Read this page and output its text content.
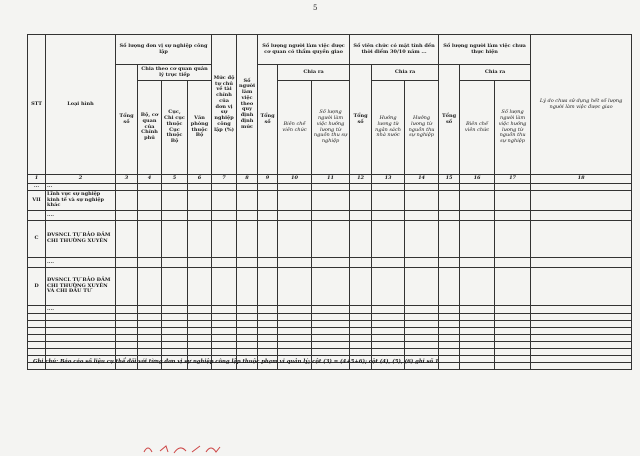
5
STT	Loại hình	Số lượng đơn vị sự nghiệp công lập				Mức độ tự chủ về tài chính của đơn vị sự nghiệp công lập (%)	Số người làm việc theo quy định định mức	Số lượng người làm việc được cơ quan có thẩm quyền giao			Số viên chức có mặt tính đến thời điểm 30/10 năm ...			Số lượng người làm việc chưa thực hiện			Lý do chưa sử dụng hết số lượng người làm việc được giao
		Tổng số	Chia theo cơ quan quản lý trực tiếp					Tổng số	Chia ra		Tổng số	Chia ra		Tổng số	Chia ra		
			Bộ, cơ quan của Chính phủ	Cục, Chi cục thuộc Cục thuộc Bộ	Văn phòng thuộc Bộ				Biên chế viên chức	Số lượng người làm việc hưởng lương từ nguồn thu sự nghiệp		Hưởng lương từ ngân sách nhà nước	Hưởng lương từ nguồn thu sự nghiệp		Biên chế viên chức	Số lượng người làm việc hưởng lương từ nguồn thu sự nghiệp	
1	2	3	4	5	6	7	8	9	10	11	12	13	14	15	16	17	18
...	...																
VII	Lĩnh vực sự nghiệp kinh tế và sự nghiệp khác																
	....																
C	ĐVSNCL TỰ BẢO ĐẢM CHI THƯỜNG XUYÊN																
	....																
D	ĐVSNCL TỰ BẢO ĐẢM CHI THƯỜNG XUYÊN VÀ CHI ĐẦU TƯ																
	....																

Ghi chú: Báo cáo số liệu cụ thể đối với từng đơn vị sự nghiệp công lập thuộc phạm vi quản lý; cột (3) = (4+5+6); cột (4), (5), (6) ghi số 1.
